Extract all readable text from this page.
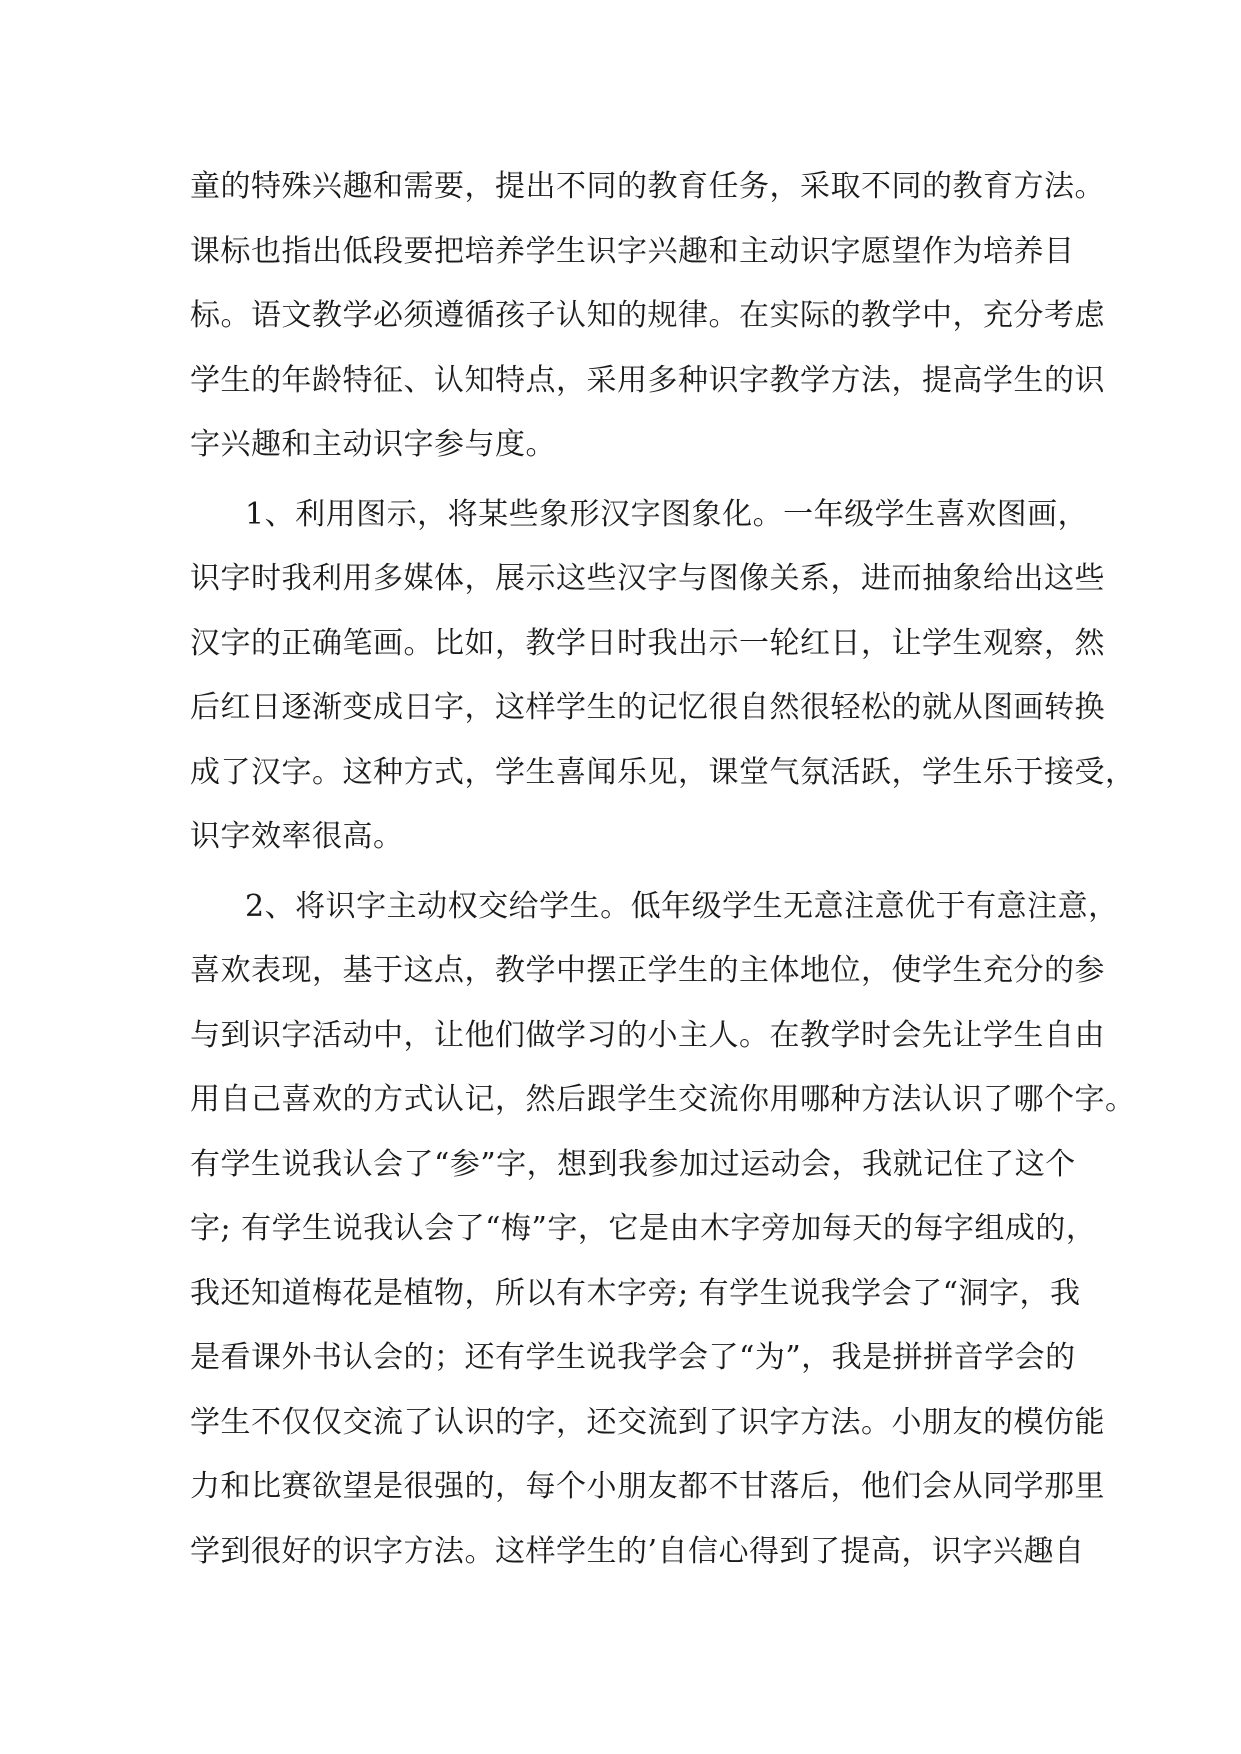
童的特殊兴趣和需要，提出不同的教育任务，采取不同的教育方法。
课标也指出低段要把培养学生识字兴趣和主动识字愿望作为培养目
标。语文教学必须遵循孩子认知的规律。在实际的教学中，充分考虑
学生的年龄特征、认知特点，采用多种识字教学方法，提高学生的识
字兴趣和主动识字参与度。
1、利用图示，将某些象形汉字图象化。一年级学生喜欢图画，
识字时我利用多媒体，展示这些汉字与图像关系，进而抽象给出这些
汉字的正确笔画。比如，教学日时我出示一轮红日，让学生观察，然
后红日逐渐变成日字，这样学生的记忆很自然很轻松的就从图画转换
成了汉字。这种方式，学生喜闻乐见，课堂气氛活跃，学生乐于接受，
识字效率很高。
2、将识字主动权交给学生。低年级学生无意注意优于有意注意，
喜欢表现，基于这点，教学中摆正学生的主体地位，使学生充分的参
与到识字活动中，让他们做学习的小主人。在教学时会先让学生自由
用自己喜欢的方式认记，然后跟学生交流你用哪种方法认识了哪个字。
有学生说我认会了“参”字，想到我参加过运动会，我就记住了这个
字; 有学生说我认会了“梅”字，它是由木字旁加每天的每字组成的，
我还知道梅花是植物，所以有木字旁; 有学生说我学会了“洞字，我
是看课外书认会的；还有学生说我学会了“为”，我是拼拼音学会的
学生不仅仅交流了认识的字，还交流到了识字方法。小朋友的模仿能
力和比赛欲望是很强的，每个小朋友都不甘落后，他们会从同学那里
学到很好的识字方法。这样学生的’自信心得到了提高，识字兴趣自
